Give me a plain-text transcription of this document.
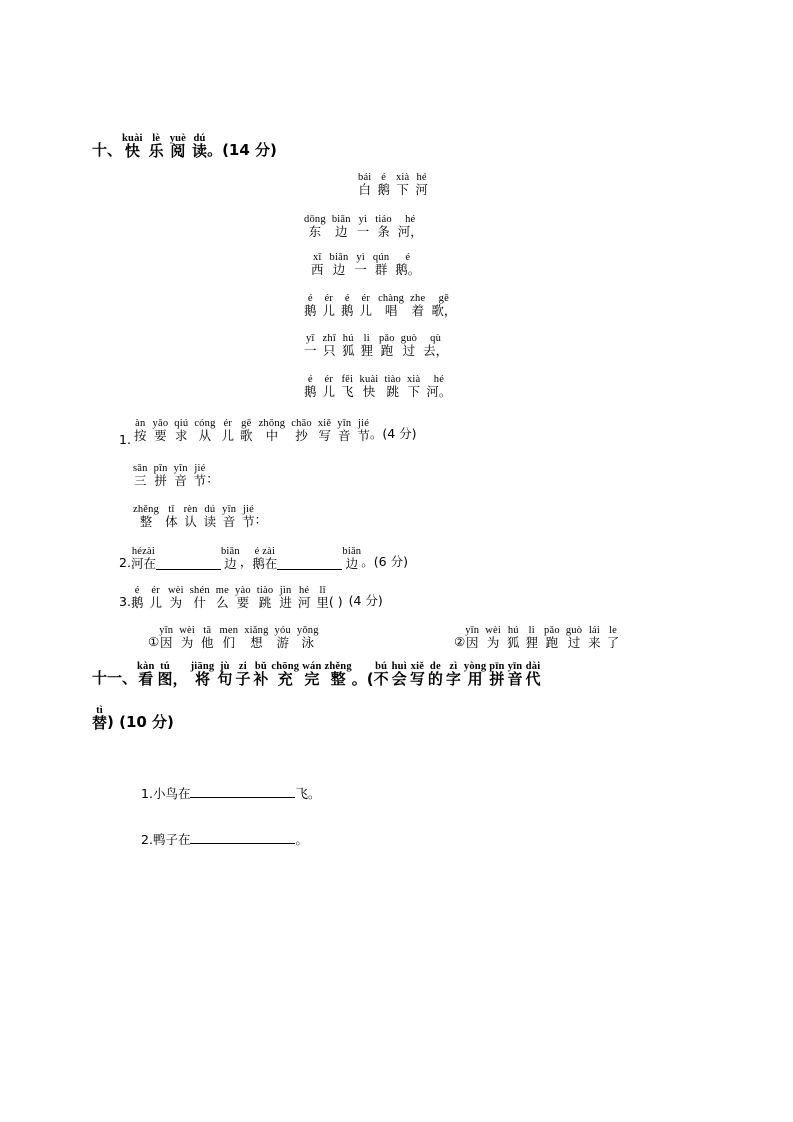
十、
kuài
快
lè
乐
yuè
阅
dú
读 。(14 分)
bái
白
é
鹅
xià
下
hé
河
dōng
东
biān
边
yì
一
tiáo
条
hé
河，
xī
西
biān
边
yì
一
qún
群
é
鹅。
é
鹅
ér
儿
é
鹅
ér
儿
chàng
唱
zhe
着
gē
歌，
yī
一
zhī
只
hú
狐
li
狸
pǎo
跑
guò
过
qù
去，
é
鹅
ér
儿
fēi
飞
kuài
快
tiào
跳
xià
下
hé
河。
àn
按
yāo
要
qiú
求
cóng
从
ér
儿
gē
歌
zhōng
中
chāo
抄
xiě
写
yīn
音
jié
节 。(4 分)
1.
sān
三
pīn
拼
yīn
音
jié
节 ：
zhěng
整
tǐ
体
rèn
认
dú
读
yīn
音
jié
节 ：
2.
hézài
河在
biān
边 ，
é zài
鹅在
biān
边 。(6 分)
3.
é
鹅
ér
儿
wèi
为
shén
什
me
么
yào
要
tiào
跳
jìn
进
hé
河
lǐ
里 ( ) (4 分)
①
yīn
因
wèi
为
tā
他
men
们
xiǎng
想
yóu
游
yǒng
泳	②
yīn
因
wèi
为
hú
狐
li
狸
pǎo
跑
guò
过
lái
来
le
了
十一、
kàn
看
tú
图 ，
jiāng
将
jù
句
zi
子
bǔ
补
chōng
充
wán
完
zhěng
整 。(
bú
不
huì
会
xiě
写
de
的
zì
字
yòng
用
pīn
拼
yīn
音
dài
代
tì
替 ) (10 分)
1. 小鸟在	飞。
2. 鸭子在	。
